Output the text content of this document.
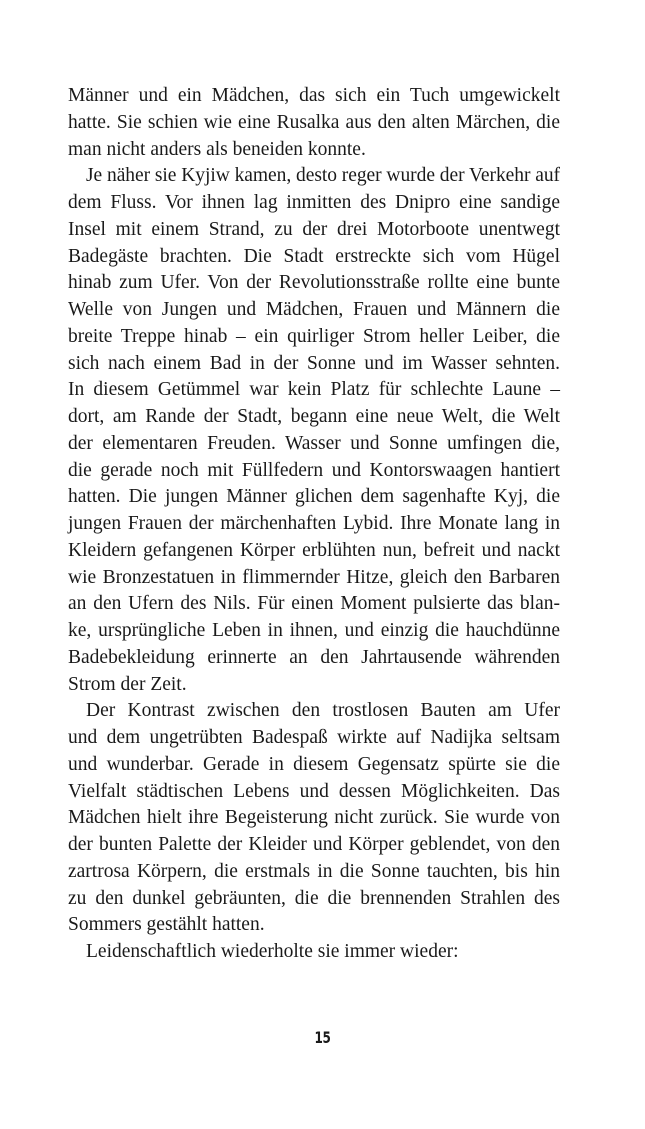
Männer und ein Mädchen, das sich ein Tuch umgewickelt
hatte. Sie schien wie eine Rusalka aus den alten Märchen, die
man nicht anders als beneiden konnte.
Je näher sie Kyjiw kamen, desto reger wurde der Verkehr auf
dem Fluss. Vor ihnen lag inmitten des Dnipro eine sandige
Insel mit einem Strand, zu der drei Motorboote unentwegt
Badegäste brachten. Die Stadt erstreckte sich vom Hügel
hinab zum Ufer. Von der Revolutionsstraße rollte eine bunte
Welle von Jungen und Mädchen, Frauen und Männern die
breite Treppe hinab – ein quirliger Strom heller Leiber, die
sich nach einem Bad in der Sonne und im Wasser sehnten.
In diesem Getümmel war kein Platz für schlechte Laune –
dort, am Rande der Stadt, begann eine neue Welt, die Welt
der elementaren Freuden. Wasser und Sonne umfingen die,
die gerade noch mit Füllfedern und Kontorswaagen hantiert
hatten. Die jungen Männer glichen dem sagenhafte Kyj, die
jungen Frauen der märchenhaften Lybid. Ihre Monate lang in
Kleidern gefangenen Körper erblühten nun, befreit und nackt
wie Bronzestatuen in flimmernder Hitze, gleich den Barbaren
an den Ufern des Nils. Für einen Moment pulsierte das blan-
ke, ursprüngliche Leben in ihnen, und einzig die hauchdünne
Badebekleidung erinnerte an den Jahrtausende währenden
Strom der Zeit.
Der Kontrast zwischen den trostlosen Bauten am Ufer
und dem ungetrübten Badespaß wirkte auf Nadijka seltsam
und wunderbar. Gerade in diesem Gegensatz spürte sie die
Vielfalt städtischen Lebens und dessen Möglichkeiten. Das
Mädchen hielt ihre Begeisterung nicht zurück. Sie wurde von
der bunten Palette der Kleider und Körper geblendet, von den
zartrosa Körpern, die erstmals in die Sonne tauchten, bis hin
zu den dunkel gebräunten, die die brennenden Strahlen des
Sommers gestählt hatten.
Leidenschaftlich wiederholte sie immer wieder:
15
